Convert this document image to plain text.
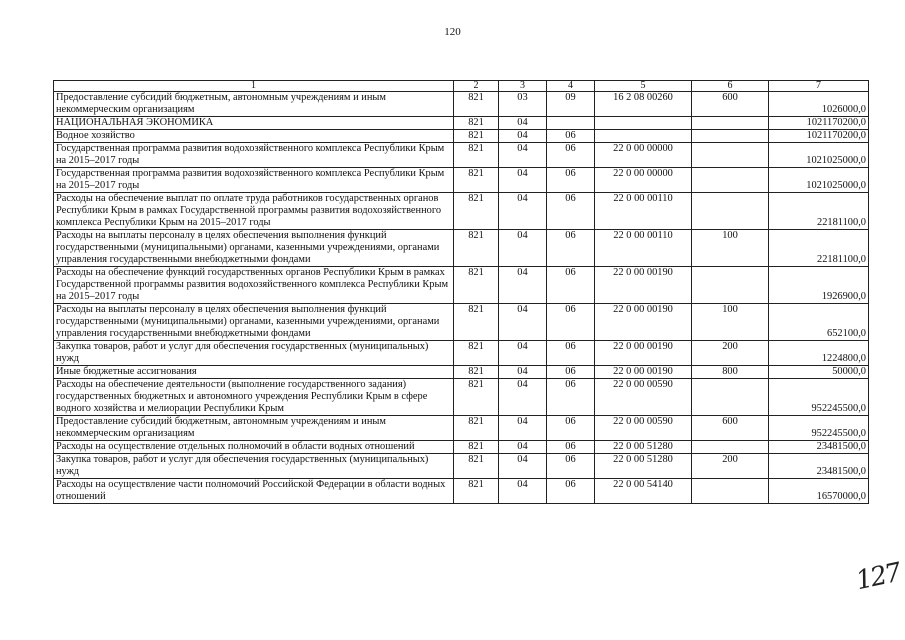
120
1	2	3	4	5	6	7
Предоставление субсидий бюджетным, автономным учреждениям и иным некоммерческим организациям	821	03	09	16 2 08 00260	600	1026000,0
НАЦИОНАЛЬНАЯ ЭКОНОМИКА	821	04				1021170200,0
Водное хозяйство	821	04	06			1021170200,0
Государственная программа развития водохозяйственного комплекса Республики Крым на 2015–2017 годы	821	04	06	22 0 00 00000		1021025000,0
Государственная программа развития водохозяйственного комплекса Республики Крым на 2015–2017 годы	821	04	06	22 0 00 00000		1021025000,0
Расходы на обеспечение выплат по оплате труда работников государственных органов Республики Крым в рамках Государственной программы развития водохозяйственного комплекса Республики Крым на 2015–2017 годы	821	04	06	22 0 00 00110		22181100,0
Расходы на выплаты персоналу в целях обеспечения выполнения функций государственными (муниципальными) органами, казенными учреждениями, органами управления государственными внебюджетными фондами	821	04	06	22 0 00 00110	100	22181100,0
Расходы на обеспечение функций государственных органов Республики Крым в рамках Государственной программы развития водохозяйственного комплекса Республики Крым на 2015–2017 годы	821	04	06	22 0 00 00190		1926900,0
Расходы на выплаты персоналу в целях обеспечения выполнения функций государственными (муниципальными) органами, казенными учреждениями, органами управления государственными внебюджетными фондами	821	04	06	22 0 00 00190	100	652100,0
Закупка товаров, работ и услуг для обеспечения государственных (муниципальных) нужд	821	04	06	22 0 00 00190	200	1224800,0
Иные бюджетные ассигнования	821	04	06	22 0 00 00190	800	50000,0
Расходы на обеспечение деятельности (выполнение государственного задания) государственных бюджетных и автономного учреждения Республики Крым в сфере водного хозяйства и мелиорации Республики Крым	821	04	06	22 0 00 00590		952245500,0
Предоставление субсидий бюджетным, автономным учреждениям и иным некоммерческим организациям	821	04	06	22 0 00 00590	600	952245500,0
Расходы на осуществление отдельных полномочий в области водных отношений	821	04	06	22 0 00 51280		23481500,0
Закупка товаров, работ и услуг для обеспечения государственных (муниципальных) нужд	821	04	06	22 0 00 51280	200	23481500,0
Расходы на осуществление части полномочий Российской Федерации в области водных отношений	821	04	06	22 0 00 54140		16570000,0
127
